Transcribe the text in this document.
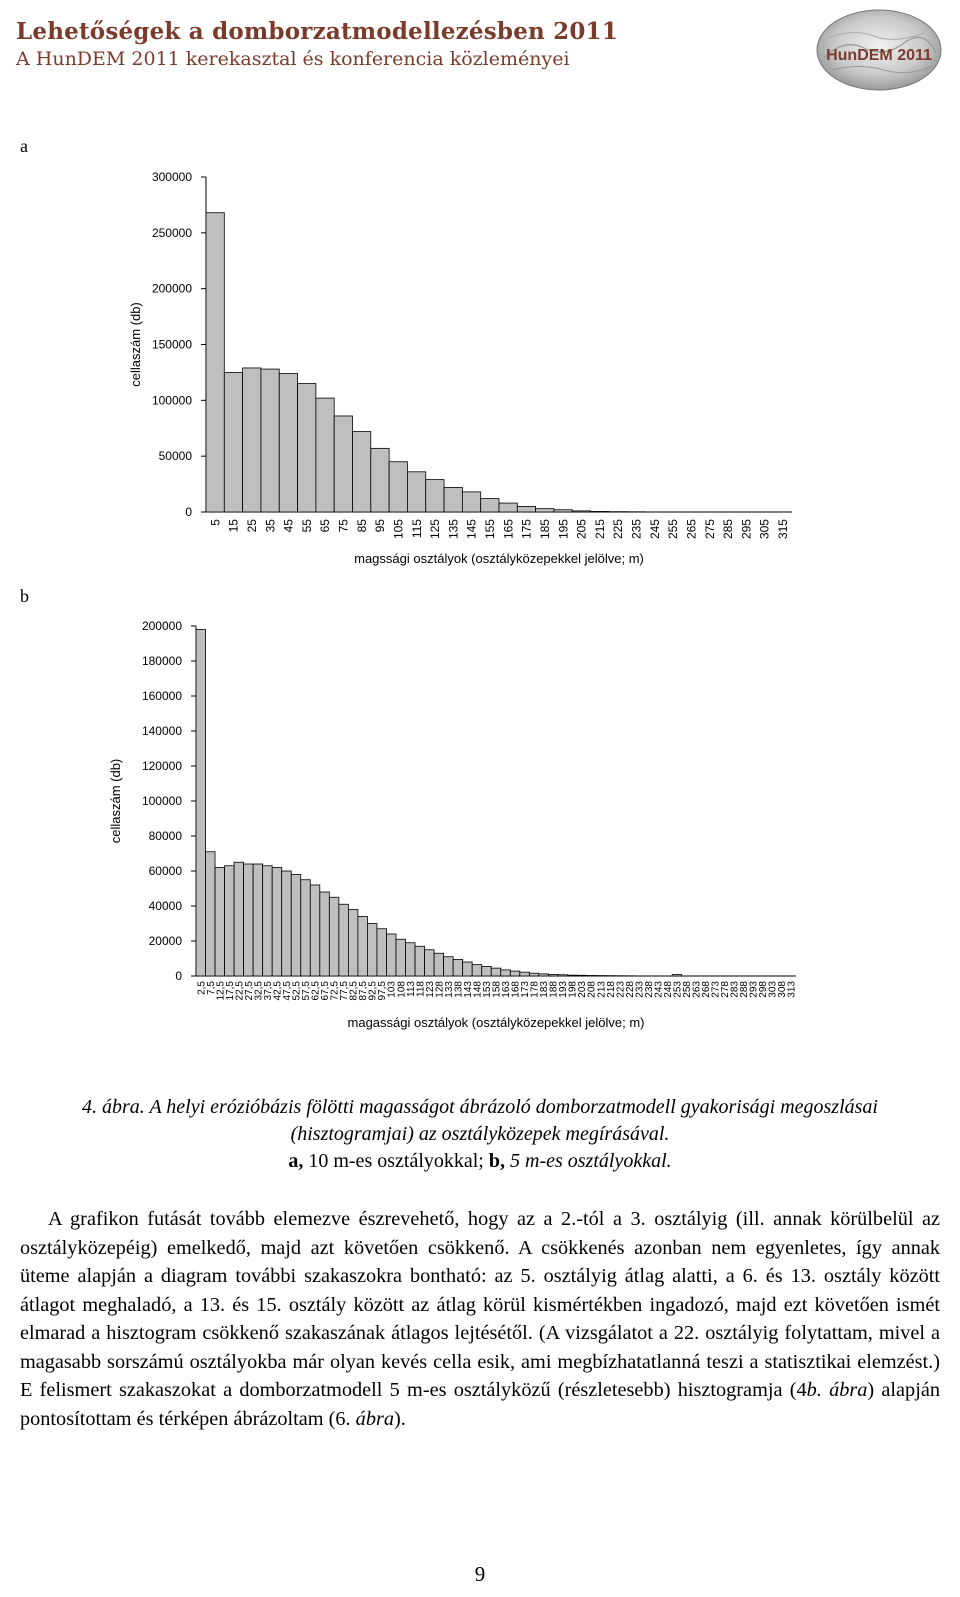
Lehetőségek a domborzatmodellezésben 2011
A HunDEM 2011 kerekasztal és konferencia közleményei	HunDEM 2011
a
0
50000
100000
150000
200000
250000
300000
5 15 25 35 45 55 65 75 85 95 105 115 125 135 145 155 165 175 185 195 205 215 225 235 245 255 265 275 285 295 305 315
magssági osztályok (osztályközepekkel jelölve; m)
cellaszám (db)
b
0
20000
40000
60000
80000
100000
120000
140000
160000
180000
200000
2,5
7,5
12,5
17,5
22,5
27,5
32,5
37,5
42,5
47,5
52,5
57,5
62,5
67,5
72,5
77,5
82,5
87,5
92,5
97,5
103
108
113
118
123
128
133
138
143
148
153
158
163
168
173
178
183
188
193
198
203
208
213
218
223
228
233
238
243
248
253
258
263
268
273
278
283
288
293
298
303
308
313
magassági osztályok (osztályközepekkel jelölve; m)
cellaszám (db)
4. ábra. A helyi erózióbázis fölötti magasságot ábrázoló domborzatmodell gyakorisági megoszlásai (hisztogramjai) az osztályközepek megírásával.
a, 10 m-es osztályokkal; b, 5 m-es osztályokkal.

A grafikon futását tovább elemezve észrevehető, hogy az a 2.-tól a 3. osztályig (ill. annak körülbelül az osztályközepéig) emelkedő, majd azt követően csökkenő. A csökkenés azonban nem egyenletes, így annak üteme alapján a diagram további szakaszokra bontható: az 5. osztályig átlag alatti, a 6. és 13. osztály között átlagot meghaladó, a 13. és 15. osztály között az átlag körül kismértékben ingadozó, majd ezt követően ismét elmarad a hisztogram csökkenő szakaszának átlagos lejtésétől. (A vizsgálatot a 22. osztályig folytattam, mivel a magasabb sorszámú osztályokba már olyan kevés cella esik, ami megbízhatatlanná teszi a statisztikai elemzést.) E felismert szakaszokat a domborzatmodell 5 m-es osztályközű (részletesebb) hisztogramja (4b. ábra) alapján pontosítottam és térképen ábrázoltam (6. ábra).

9
